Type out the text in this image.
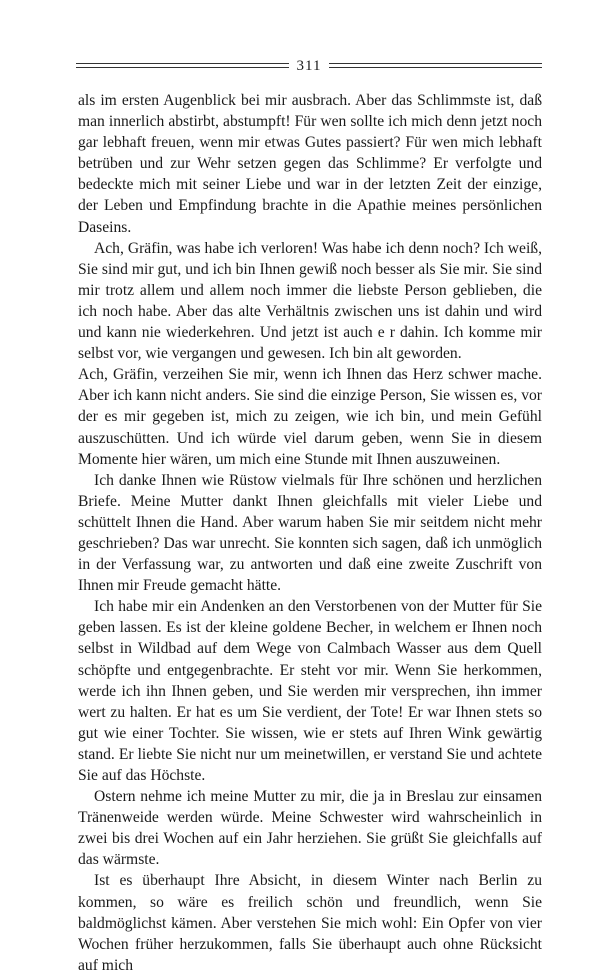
311

als im ersten Augenblick bei mir ausbrach. Aber das Schlimmste ist, daß man innerlich abstirbt, abstumpft! Für wen sollte ich mich denn jetzt noch gar lebhaft freuen, wenn mir etwas Gutes passiert? Für wen mich lebhaft betrüben und zur Wehr setzen gegen das Schlimme? Er verfolgte und bedeckte mich mit seiner Liebe und war in der letzten Zeit der einzige, der Leben und Empfindung brachte in die Apathie meines persönlichen Daseins.

Ach, Gräfin, was habe ich verloren! Was habe ich denn noch? Ich weiß, Sie sind mir gut, und ich bin Ihnen gewiß noch besser als Sie mir. Sie sind mir trotz allem und allem noch immer die liebste Person geblieben, die ich noch habe. Aber das alte Verhältnis zwischen uns ist dahin und wird und kann nie wiederkehren. Und jetzt ist auch e r dahin. Ich komme mir selbst vor, wie vergangen und gewesen. Ich bin alt geworden.

Ach, Gräfin, verzeihen Sie mir, wenn ich Ihnen das Herz schwer mache. Aber ich kann nicht anders. Sie sind die einzige Person, Sie wissen es, vor der es mir gegeben ist, mich zu zeigen, wie ich bin, und mein Gefühl auszuschütten. Und ich würde viel darum geben, wenn Sie in diesem Momente hier wären, um mich eine Stunde mit Ihnen auszuweinen.

Ich danke Ihnen wie Rüstow vielmals für Ihre schönen und herzlichen Briefe. Meine Mutter dankt Ihnen gleichfalls mit vieler Liebe und schüttelt Ihnen die Hand. Aber warum haben Sie mir seitdem nicht mehr geschrieben? Das war unrecht. Sie konnten sich sagen, daß ich unmöglich in der Verfassung war, zu antworten und daß eine zweite Zuschrift von Ihnen mir Freude gemacht hätte.

Ich habe mir ein Andenken an den Verstorbenen von der Mutter für Sie geben lassen. Es ist der kleine goldene Becher, in welchem er Ihnen noch selbst in Wildbad auf dem Wege von Calmbach Wasser aus dem Quell schöpfte und entgegenbrachte. Er steht vor mir. Wenn Sie herkommen, werde ich ihn Ihnen geben, und Sie werden mir versprechen, ihn immer wert zu halten. Er hat es um Sie verdient, der Tote! Er war Ihnen stets so gut wie einer Tochter. Sie wissen, wie er stets auf Ihren Wink gewärtig stand. Er liebte Sie nicht nur um meinetwillen, er verstand Sie und achtete Sie auf das Höchste.

Ostern nehme ich meine Mutter zu mir, die ja in Breslau zur einsamen Tränenweide werden würde. Meine Schwester wird wahrscheinlich in zwei bis drei Wochen auf ein Jahr herziehen. Sie grüßt Sie gleichfalls auf das wärmste.

Ist es überhaupt Ihre Absicht, in diesem Winter nach Berlin zu kommen, so wäre es freilich schön und freundlich, wenn Sie baldmöglichst kämen. Aber verstehen Sie mich wohl: Ein Opfer von vier Wochen früher herzukommen, falls Sie überhaupt auch ohne Rücksicht auf mich
